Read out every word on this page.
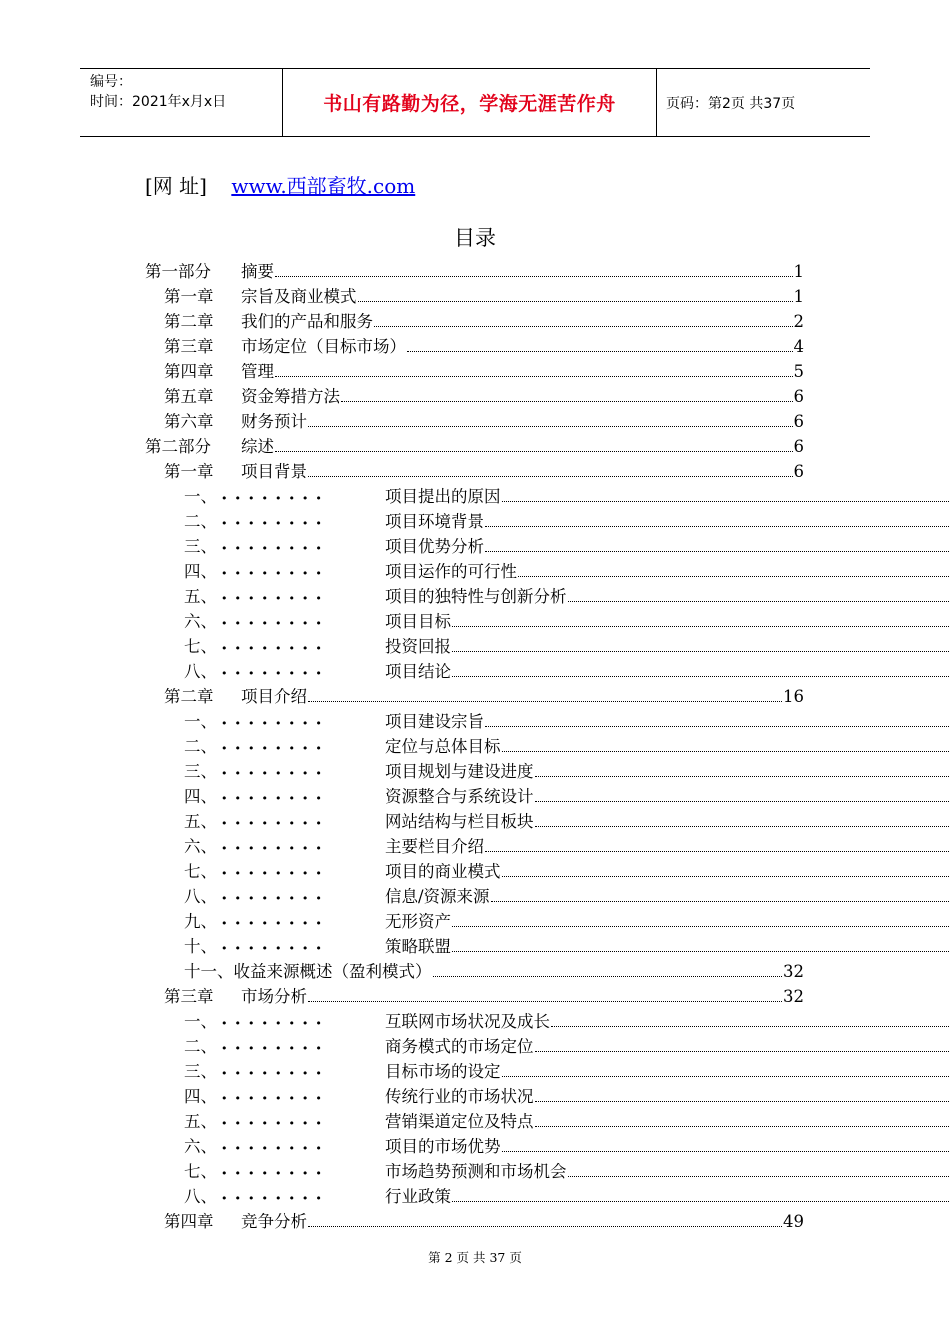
编号：
时间：2021年x月x日	书山有路勤为径，学海无涯苦作舟	页码：第2页 共37页
[网 址] www.西部畜牧.com
目录
第一部分	摘要	1
第一章	宗旨及商业模式	1
第二章	我们的产品和服务	2
第三章	市场定位（目标市场）	4
第四章	管理	5
第五章	资金筹措方法	6
第六章	财务预计	6
第二部分	综述	6
第一章	项目背景	6
一、 ••••••••	项目提出的原因
二、 ••••••••	项目环境背景
三、 ••••••••	项目优势分析
四、 ••••••••	项目运作的可行性
五、 ••••••••	项目的独特性与创新分析
六、 ••••••••	项目目标
七、 ••••••••	投资回报
八、 ••••••••	项目结论
第二章	项目介绍	16
一、 ••••••••	项目建设宗旨
二、 ••••••••	定位与总体目标
三、 ••••••••	项目规划与建设进度
四、 ••••••••	资源整合与系统设计
五、 ••••••••	网站结构与栏目板块
六、 ••••••••	主要栏目介绍
七、 ••••••••	项目的商业模式
八、 ••••••••	信息/资源来源
九、 ••••••••	无形资产
十、 ••••••••	策略联盟
十一、 收益来源概述（盈利模式）	32
第三章	市场分析	32
一、 ••••••••	互联网市场状况及成长
二、 ••••••••	商务模式的市场定位
三、 ••••••••	目标市场的设定
四、 ••••••••	传统行业的市场状况
五、 ••••••••	营销渠道定位及特点
六、 ••••••••	项目的市场优势
七、 ••••••••	市场趋势预测和市场机会
八、 ••••••••	行业政策
第四章	竞争分析	49
第 2 页 共 37 页
